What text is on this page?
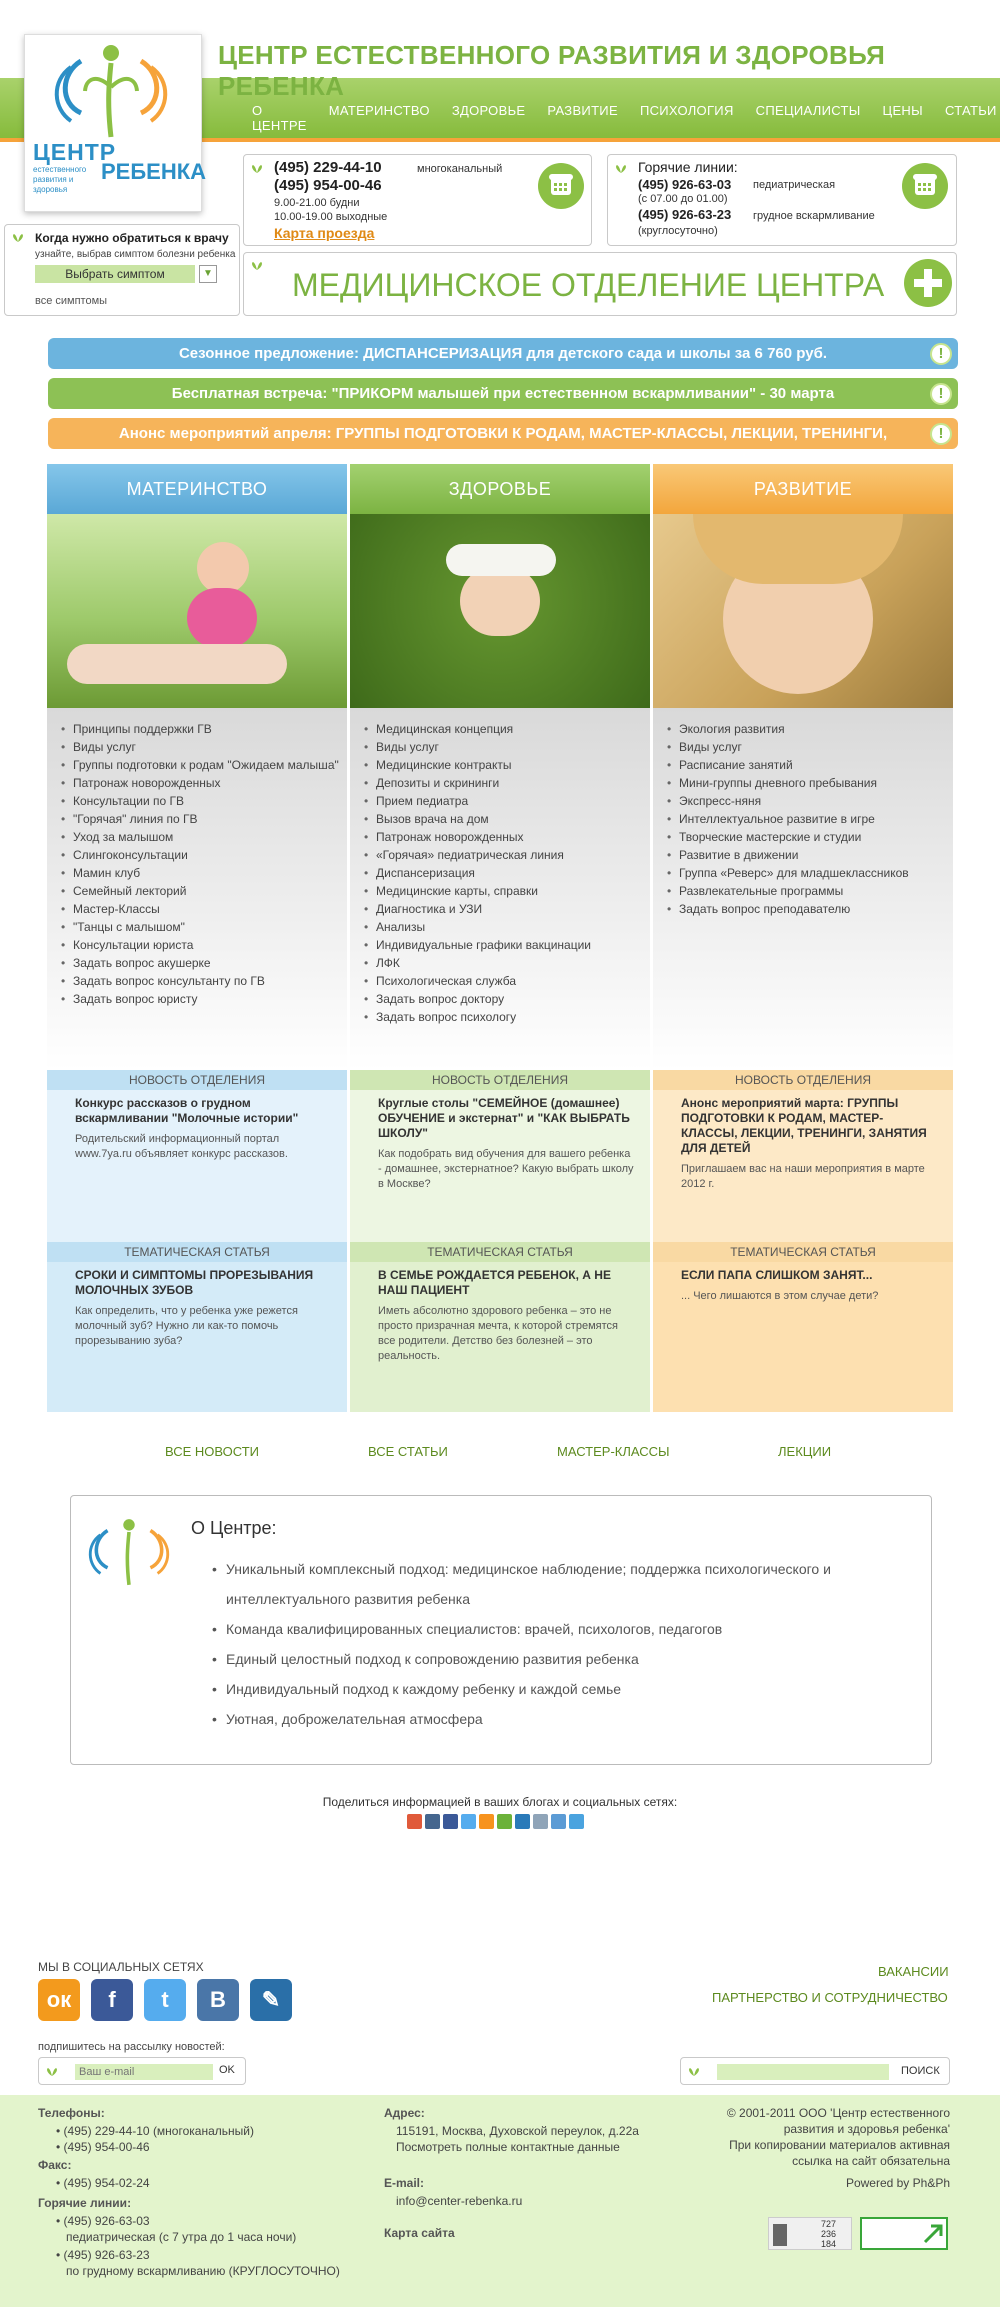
ЦЕНТР ЕСТЕСТВЕННОГО РАЗВИТИЯ И ЗДОРОВЬЯ РЕБЕНКА
О ЦЕНТРЕ
МАТЕРИНСТВО ЗДОРОВЬЕ РАЗВИТИЕ ПСИХОЛОГИЯ СПЕЦИАЛИСТЫ ЦЕНЫ СТАТЬИ
ЦЕНТР
естественного развития и здоровья
РЕБЕНКА
Когда нужно обратиться к врачу
узнайте, выбрав симптом болезни ребенка
Выбрать симптом	▼
все симптомы
(495) 229-44-10	многоканальный
(495) 954-00-46
9.00-21.00 будни
10.00-19.00 выходные
Карта проезда
Горячие линии:
(495) 926-63-03 педиатрическая
(с 07.00 до 01.00)
(495) 926-63-23 грудное вскармливание
(круглосуточно)
МЕДИЦИНСКОЕ ОТДЕЛЕНИЕ ЦЕНТРА
Сезонное предложение: ДИСПАНСЕРИЗАЦИЯ для детского сада и школы за 6 760 руб.	!
Бесплатная встреча: "ПРИКОРМ малышей при естественном вскармливании" - 30 марта	!
Анонс мероприятий апреля: ГРУППЫ ПОДГОТОВКИ К РОДАМ, МАСТЕР-КЛАССЫ, ЛЕКЦИИ, ТРЕНИНГИ,	!
МАТЕРИНСТВО
• Принципы поддержки ГВ
• Виды услуг
• Группы подготовки к родам "Ожидаем малыша"
• Патронаж новорожденных
• Консультации по ГВ
• "Горячая" линия по ГВ
• Уход за малышом
• Слингоконсультации
• Мамин клуб
• Семейный лекторий
• Мастер-Классы
• "Танцы с малышом"
• Консультации юриста
• Задать вопрос акушерке
• Задать вопрос консультанту по ГВ
• Задать вопрос юристу
НОВОСТЬ ОТДЕЛЕНИЯ
Конкурс рассказов о грудном вскармливании "Молочные истории"
Родительский информационный портал www.7ya.ru объявляет конкурс рассказов.
ТЕМАТИЧЕСКАЯ СТАТЬЯ
СРОКИ И СИМПТОМЫ ПРОРЕЗЫВАНИЯ МОЛОЧНЫХ ЗУБОВ
Как определить, что у ребенка уже режется молочный зуб? Нужно ли как-то помочь прорезыванию зуба?
ЗДОРОВЬЕ
• Медицинская концепция
• Виды услуг
• Медицинские контракты
• Депозиты и скрининги
• Прием педиатра
• Вызов врача на дом
• Патронаж новорожденных
• «Горячая» педиатрическая линия
• Диспансеризация
• Медицинские карты, справки
• Диагностика и УЗИ
• Анализы
• Индивидуальные графики вакцинации
• ЛФК
• Психологическая служба
• Задать вопрос доктору
• Задать вопрос психологу
НОВОСТЬ ОТДЕЛЕНИЯ
Круглые столы "СЕМЕЙНОЕ (домашнее) ОБУЧЕНИЕ и экстернат" и "КАК ВЫБРАТЬ ШКОЛУ"
Как подобрать вид обучения для вашего ребенка - домашнее, экстернатное? Какую выбрать школу в Москве?
ТЕМАТИЧЕСКАЯ СТАТЬЯ
В СЕМЬЕ РОЖДАЕТСЯ РЕБЕНОК, А НЕ НАШ ПАЦИЕНТ
Иметь абсолютно здорового ребенка – это не просто призрачная мечта, к которой стремятся все родители. Детство без болезней – это реальность.
РАЗВИТИЕ
• Экология развития
• Виды услуг
• Расписание занятий
• Мини-группы дневного пребывания
• Экспресс-няня
• Интеллектуальное развитие в игре
• Творческие мастерские и студии
• Развитие в движении
• Группа «Реверс» для младшеклассников
• Развлекательные программы
• Задать вопрос преподавателю
НОВОСТЬ ОТДЕЛЕНИЯ
Анонс мероприятий марта: ГРУППЫ ПОДГОТОВКИ К РОДАМ, МАСТЕР-КЛАССЫ, ЛЕКЦИИ, ТРЕНИНГИ, ЗАНЯТИЯ ДЛЯ ДЕТЕЙ
Приглашаем вас на наши мероприятия в марте 2012 г.
ТЕМАТИЧЕСКАЯ СТАТЬЯ
ЕСЛИ ПАПА СЛИШКОМ ЗАНЯТ...
... Чего лишаются в этом случае дети?
ВСЕ НОВОСТИ	ВСЕ СТАТЬИ	МАСТЕР-КЛАССЫ	ЛЕКЦИИ
О Центре:
• Уникальный комплексный подход: медицинское наблюдение; поддержка психологического и интеллектуального развития ребенка
• Команда квалифицированных специалистов: врачей, психологов, педагогов
• Единый целостный подход к сопровождению развития ребенка
• Индивидуальный подход к каждому ребенку и каждой семье
• Уютная, доброжелательная атмосфера
Поделиться информацией в ваших блогах и социальных сетях:
МЫ В СОЦИАЛЬНЫХ СЕТЯХ
ок	f	t	В	✎
ВАКАНСИИ
ПАРТНЕРСТВО И СОТРУДНИЧЕСТВО
подпишитесь на рассылку новостей:
Ваш e-mail
OK	ПОИСК
Телефоны:
• (495) 229-44-10 (многоканальный)
• (495) 954-00-46
Факс:
• (495) 954-02-24
Горячие линии:
• (495) 926-63-03
педиатрическая (с 7 утра до 1 часа ночи)
• (495) 926-63-23
по грудному вскармливанию (КРУГЛОСУТОЧНО)
Адрес:
115191, Москва, Духовской переулок, д.22а
Посмотреть полные контактные данные
E-mail:
info@center-rebenka.ru
Карта сайта
© 2001-2011 ООО 'Центр естественного развития и здоровья ребенка'
При копировании материалов активная ссылка на сайт обязательна
Powered by Ph&Ph
727
236
184
